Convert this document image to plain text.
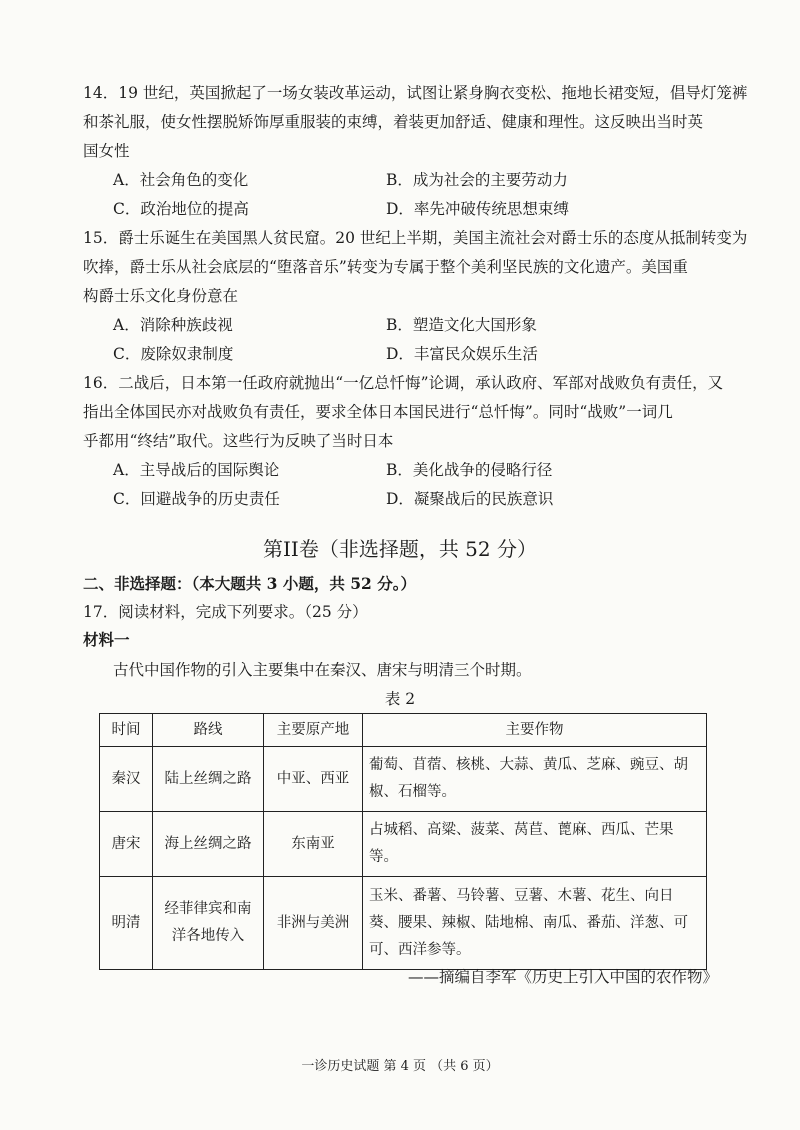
14．19 世纪，英国掀起了一场女装改革运动，试图让紧身胸衣变松、拖地长裙变短，倡导灯笼裤
和茶礼服，使女性摆脱矫饰厚重服装的束缚，着装更加舒适、健康和理性。这反映出当时英
国女性
A．社会角色的变化	B．成为社会的主要劳动力
C．政治地位的提高	D．率先冲破传统思想束缚
15．爵士乐诞生在美国黑人贫民窟。20 世纪上半期，美国主流社会对爵士乐的态度从抵制转变为
吹捧，爵士乐从社会底层的“堕落音乐”转变为专属于整个美利坚民族的文化遗产。美国重
构爵士乐文化身份意在
A．消除种族歧视	B．塑造文化大国形象
C．废除奴隶制度	D．丰富民众娱乐生活
16．二战后，日本第一任政府就抛出“一亿总忏悔”论调，承认政府、军部对战败负有责任，又
指出全体国民亦对战败负有责任，要求全体日本国民进行“总忏悔”。同时“战败”一词几
乎都用“终结”取代。这些行为反映了当时日本
A．主导战后的国际舆论	B．美化战争的侵略行径
C．回避战争的历史责任	D．凝聚战后的民族意识
第II卷（非选择题，共 52 分）
二、非选择题：（本大题共 3 小题，共 52 分。）
17．阅读材料，完成下列要求。（25 分）
材料一
古代中国作物的引入主要集中在秦汉、唐宋与明清三个时期。
表 2
时间	路线	主要原产地	主要作物
秦汉	陆上丝绸之路	中亚、西亚	葡萄、苜蓿、核桃、大蒜、黄瓜、芝麻、豌豆、胡椒、石榴等。
唐宋	海上丝绸之路	东南亚	占城稻、高粱、菠菜、莴苣、蓖麻、西瓜、芒果等。
明清	经菲律宾和南洋各地传入	非洲与美洲	玉米、番薯、马铃薯、豆薯、木薯、花生、向日葵、腰果、辣椒、陆地棉、南瓜、番茄、洋葱、可可、西洋参等。
——摘编自李军《历史上引入中国的农作物》
一诊历史试题 第 4 页 （共 6 页）
